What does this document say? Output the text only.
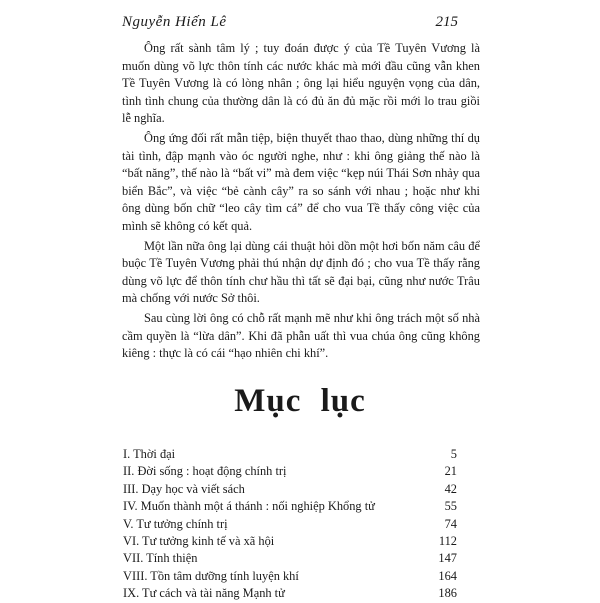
Nguyễn Hiến Lê	215

Ông rất sành tâm lý ; tuy đoán được ý của Tề Tuyên Vương là muốn dùng võ lực thôn tính các nước khác mà mới đầu cũng vẫn khen Tề Tuyên Vương là có lòng nhân ; ông lại hiểu nguyện vọng của dân, tình tình chung của thường dân là có đủ ăn đủ mặc rồi mới lo trau giồi lễ nghĩa.

Ông ứng đối rất mẫn tiệp, biện thuyết thao thao, dùng những thí dụ tài tình, đập mạnh vào óc người nghe, như : khi ông giảng thế nào là “bất năng”, thế nào là “bất vi” mà đem việc “kẹp núi Thái Sơn nhảy qua biển Bắc”, và việc “bẻ cành cây” ra so sánh với nhau ; hoặc như khi ông dùng bốn chữ “leo cây tìm cá” để cho vua Tề thấy công việc của mình sẽ không có kết quả.

Một lần nữa ông lại dùng cái thuật hỏi dồn một hơi bốn năm câu để buộc Tề Tuyên Vương phải thú nhận dự định đó ; cho vua Tề thấy rằng dùng võ lực để thôn tính chư hầu thì tất sẽ đại bại, cũng như nước Trâu mà chống với nước Sở thôi.

Sau cùng lời ông có chỗ rất mạnh mẽ như khi ông trách một số nhà cầm quyền là “lừa dân”. Khi đã phẫn uất thì vua chúa ông cũng không kiêng : thực là có cái “hạo nhiên chi khí”.

Mục lục
I. Thời đại	5
II. Đời sống : hoạt động chính trị	21
III. Dạy học và viết sách	42
IV. Muốn thành một á thánh : nối nghiệp Khổng tử	55
V. Tư tưởng chính trị	74
VI. Tư tưởng kinh tế và xã hội	112
VII. Tính thiện	147
VIII. Tồn tâm dưỡng tính luyện khí	164
IX. Tư cách và tài năng Mạnh tử	186
